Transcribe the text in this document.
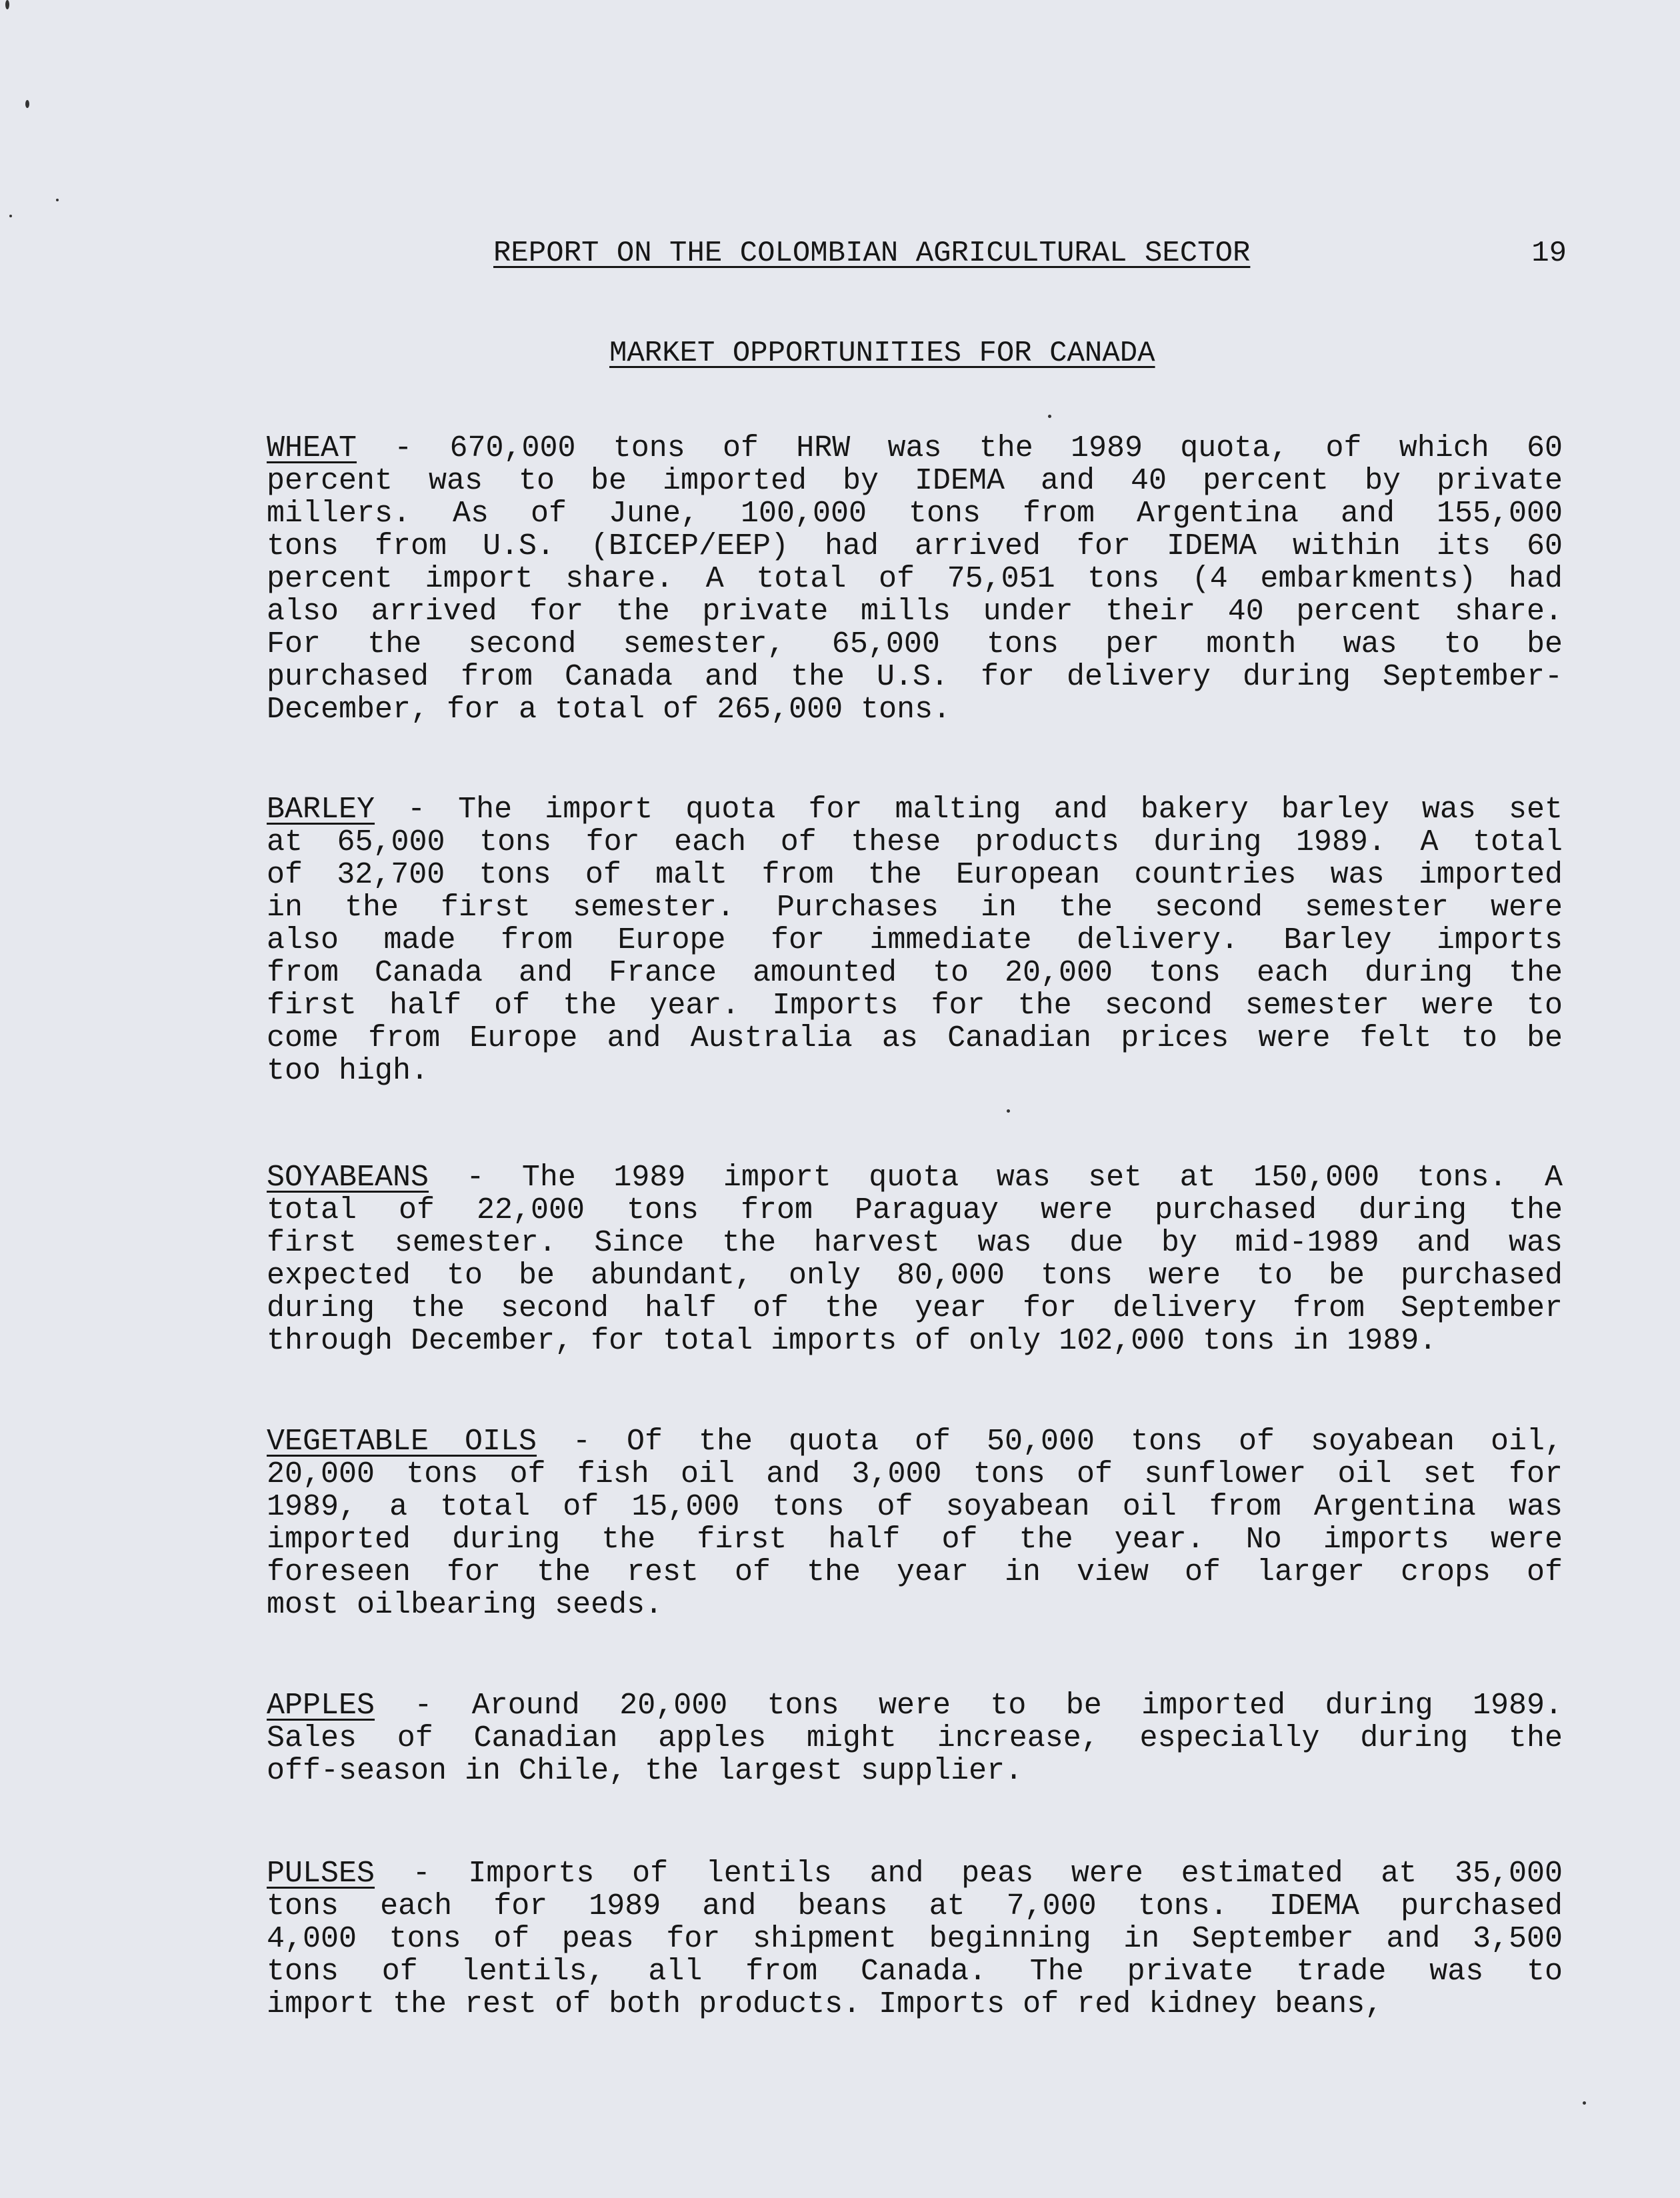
REPORT ON THE COLOMBIAN AGRICULTURAL SECTOR	19
MARKET OPPORTUNITIES FOR CANADA
WHEAT - 670,000 tons of HRW was the 1989 quota, of which 60
percent was to be imported by IDEMA and 40 percent by private
millers. As of June, 100,000 tons from Argentina and 155,000
tons from U.S. (BICEP/EEP) had arrived for IDEMA within its 60
percent import share. A total of 75,051 tons (4 embarkments) had
also arrived for the private mills under their 40 percent share.
For the second semester, 65,000 tons per month was to be
purchased from Canada and the U.S. for delivery during September-
December, for a total of 265,000 tons.
BARLEY - The import quota for malting and bakery barley was set
at 65,000 tons for each of these products during 1989. A total
of 32,700 tons of malt from the European countries was imported
in the first semester. Purchases in the second semester were
also made from Europe for immediate delivery. Barley imports
from Canada and France amounted to 20,000 tons each during the
first half of the year. Imports for the second semester were to
come from Europe and Australia as Canadian prices were felt to be
too high.
SOYABEANS - The 1989 import quota was set at 150,000 tons. A
total of 22,000 tons from Paraguay were purchased during the
first semester. Since the harvest was due by mid-1989 and was
expected to be abundant, only 80,000 tons were to be purchased
during the second half of the year for delivery from September
through December, for total imports of only 102,000 tons in 1989.
VEGETABLE OILS - Of the quota of 50,000 tons of soyabean oil,
20,000 tons of fish oil and 3,000 tons of sunflower oil set for
1989, a total of 15,000 tons of soyabean oil from Argentina was
imported during the first half of the year. No imports were
foreseen for the rest of the year in view of larger crops of
most oilbearing seeds.
APPLES - Around 20,000 tons were to be imported during 1989.
Sales of Canadian apples might increase, especially during the
off-season in Chile, the largest supplier.
PULSES - Imports of lentils and peas were estimated at 35,000
tons each for 1989 and beans at 7,000 tons. IDEMA purchased
4,000 tons of peas for shipment beginning in September and 3,500
tons of lentils, all from Canada. The private trade was to
import the rest of both products. Imports of red kidney beans,
